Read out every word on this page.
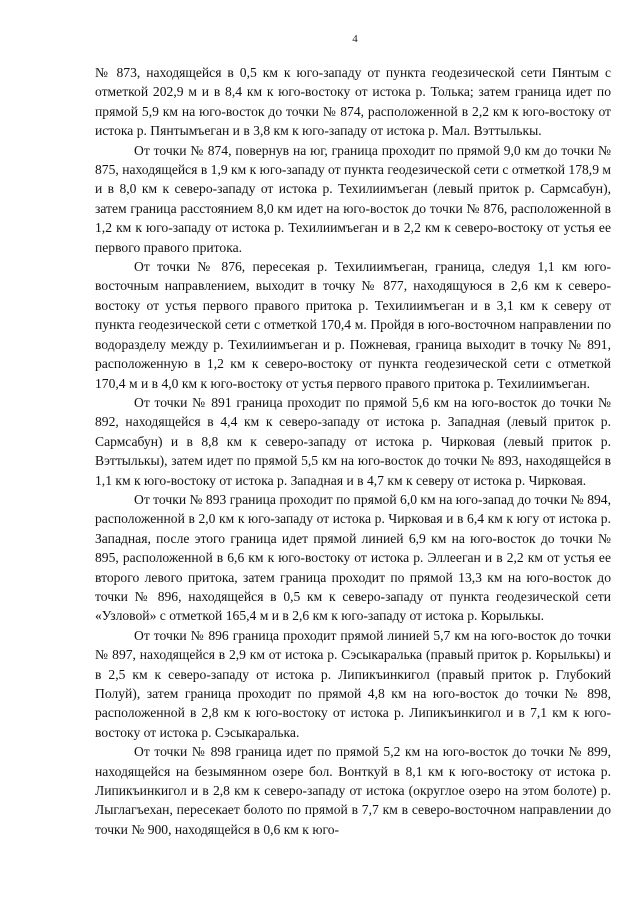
4

№ 873, находящейся в 0,5 км к юго-западу от пункта геодезической сети Пянтым с отметкой 202,9 м и в 8,4 км к юго-востоку от истока р. Толька; затем граница идет по прямой 5,9 км на юго-восток до точки № 874, расположенной в 2,2 км к юго-востоку от истока р. Пянтымъеган и в 3,8 км к юго-западу от истока р. Мал. Вэттылькы.

От точки № 874, повернув на юг, граница проходит по прямой 9,0 км до точки № 875, находящейся в 1,9 км к юго-западу от пункта геодезической сети с отметкой 178,9 м и в 8,0 км к северо-западу от истока р. Техилиимъеган (левый приток р. Сармсабун), затем граница расстоянием 8,0 км идет на юго-восток до точки № 876, расположенной в 1,2 км к юго-западу от истока р. Техилиимъеган и в 2,2 км к северо-востоку от устья ее первого правого притока.

От точки № 876, пересекая р. Техилиимъеган, граница, следуя 1,1 км юго-восточным направлением, выходит в точку № 877, находящуюся в 2,6 км к северо-востоку от устья первого правого притока р. Техилиимъеган и в 3,1 км к северу от пункта геодезической сети с отметкой 170,4 м. Пройдя в юго-восточном направлении по водоразделу между р. Техилиимъеган и р. Пожневая, граница выходит в точку № 891, расположенную в 1,2 км к северо-востоку от пункта геодезической сети с отметкой 170,4 м и в 4,0 км к юго-востоку от устья первого правого притока р. Техилиимъеган.

От точки № 891 граница проходит по прямой 5,6 км на юго-восток до точки № 892, находящейся в 4,4 км к северо-западу от истока р. Западная (левый приток р. Сармсабун) и в 8,8 км к северо-западу от истока р. Чирковая (левый приток р. Вэттылькы), затем идет по прямой 5,5 км на юго-восток до точки № 893, находящейся в 1,1 км к юго-востоку от истока р. Западная и в 4,7 км к северу от истока р. Чирковая.

От точки № 893 граница проходит по прямой 6,0 км на юго-запад до точки № 894, расположенной в 2,0 км к юго-западу от истока р. Чирковая и в 6,4 км к югу от истока р. Западная, после этого граница идет прямой линией 6,9 км на юго-восток до точки № 895, расположенной в 6,6 км к юго-востоку от истока р. Эллееган и в 2,2 км от устья ее второго левого притока, затем граница проходит по прямой 13,3 км на юго-восток до точки № 896, находящейся в 0,5 км к северо-западу от пункта геодезической сети «Узловой» с отметкой 165,4 м и в 2,6 км к юго-западу от истока р. Корылькы.

От точки № 896 граница проходит прямой линией 5,7 км на юго-восток до точки № 897, находящейся в 2,9 км от истока р. Сэсыкаралька (правый приток р. Корылькы) и в 2,5 км к северо-западу от истока р. Липикъинкигол (правый приток р. Глубокий Полуй), затем граница проходит по прямой 4,8 км на юго-восток до точки № 898, расположенной в 2,8 км к юго-востоку от истока р. Липикъинкигол и в 7,1 км к юго-востоку от истока р. Сэсыкаралька.

От точки № 898 граница идет по прямой 5,2 км на юго-восток до точки № 899, находящейся на безымянном озере бол. Вонткуй в 8,1 км к юго-востоку от истока р. Липикъинкигол и в 2,8 км к северо-западу от истока (округлое озеро на этом болоте) р. Лыглагъехан, пересекает болото по прямой в 7,7 км в северо-восточном направлении до точки № 900, находящейся в 0,6 км к юго-
